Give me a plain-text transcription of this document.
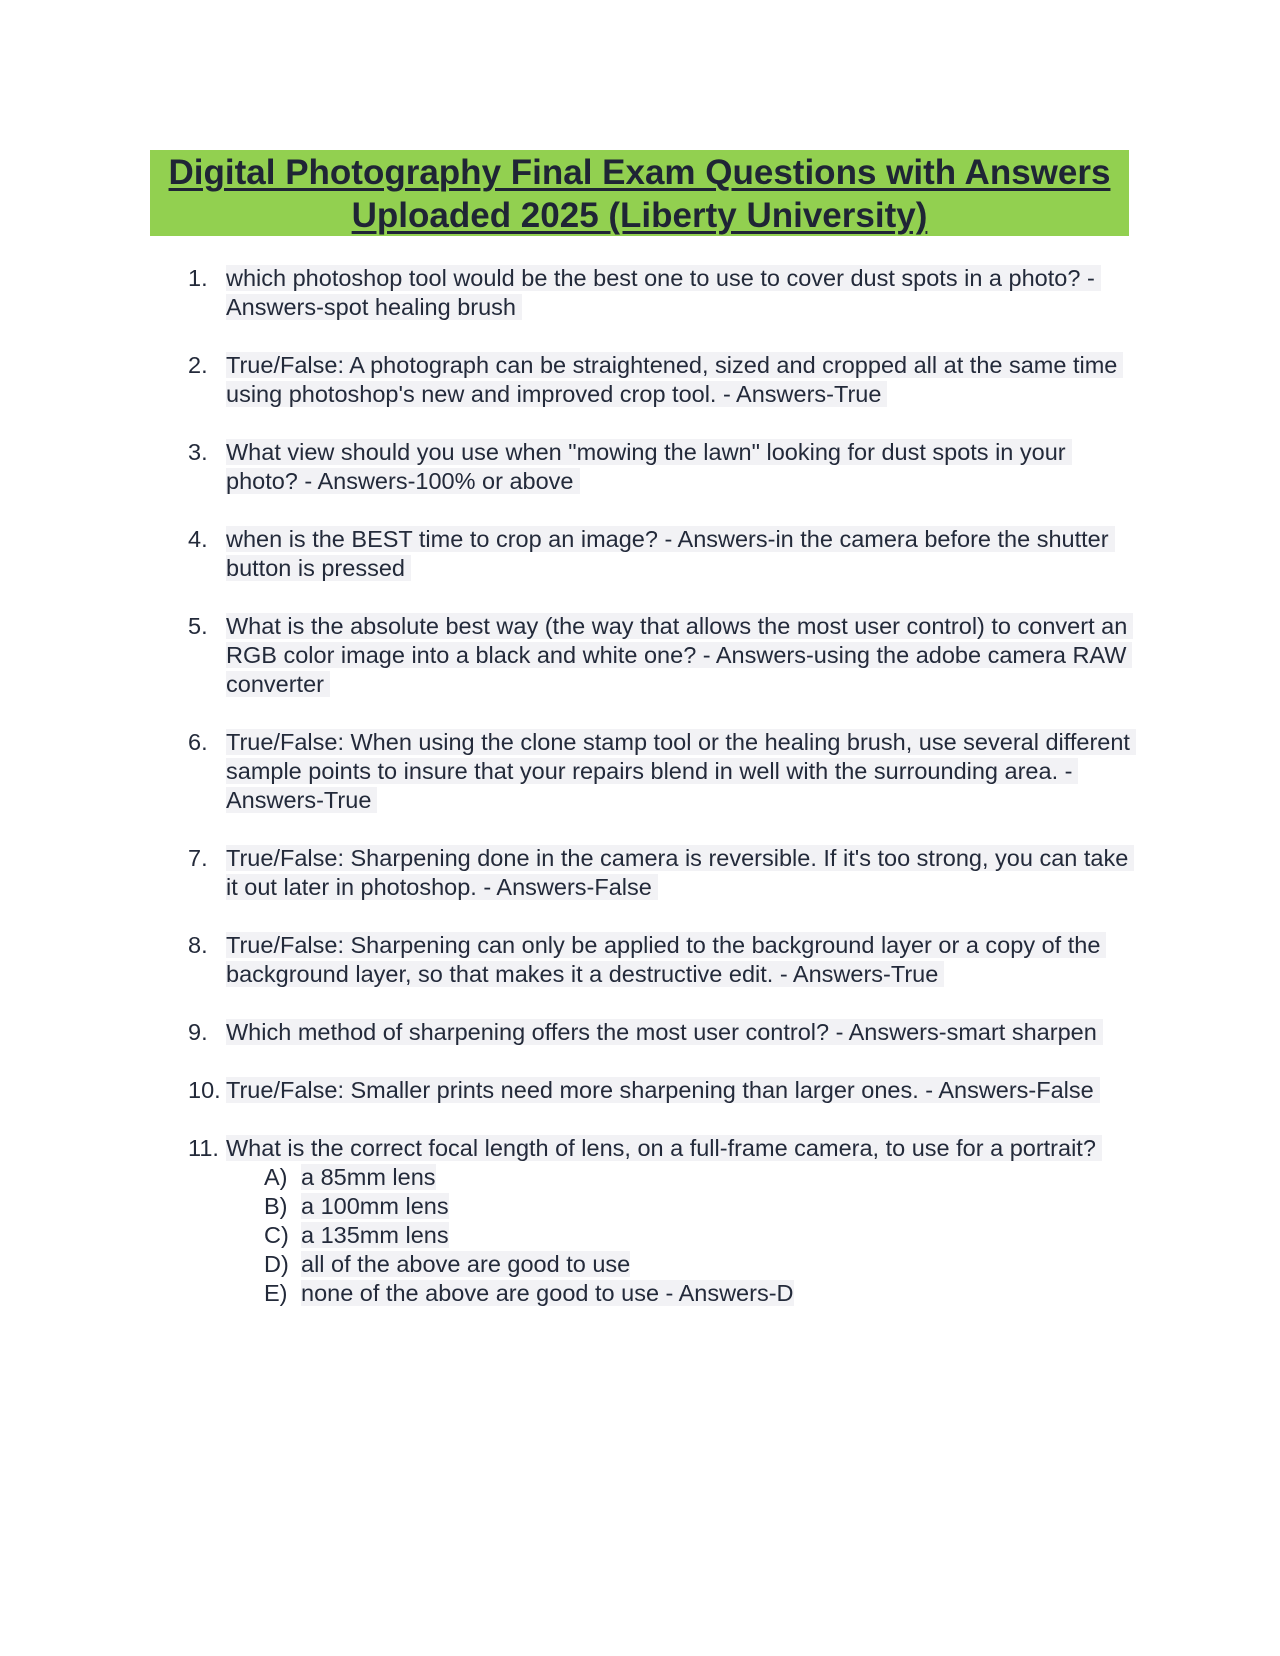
Digital Photography Final Exam Questions with Answers Uploaded 2025 (Liberty University)
1. which photoshop tool would be the best one to use to cover dust spots in a photo? - Answers-spot healing brush
2. True/False: A photograph can be straightened, sized and cropped all at the same time using photoshop's new and improved crop tool. - Answers-True
3. What view should you use when "mowing the lawn" looking for dust spots in your photo? - Answers-100% or above
4. when is the BEST time to crop an image? - Answers-in the camera before the shutter button is pressed
5. What is the absolute best way (the way that allows the most user control) to convert an RGB color image into a black and white one? - Answers-using the adobe camera RAW converter
6. True/False: When using the clone stamp tool or the healing brush, use several different sample points to insure that your repairs blend in well with the surrounding area. - Answers-True
7. True/False: Sharpening done in the camera is reversible. If it's too strong, you can take it out later in photoshop. - Answers-False
8. True/False: Sharpening can only be applied to the background layer or a copy of the background layer, so that makes it a destructive edit. - Answers-True
9. Which method of sharpening offers the most user control? - Answers-smart sharpen
10. True/False: Smaller prints need more sharpening than larger ones. - Answers-False
11. What is the correct focal length of lens, on a full-frame camera, to use for a portrait?
A) a 85mm lens
B) a 100mm lens
C) a 135mm lens
D) all of the above are good to use
E) none of the above are good to use - Answers-D
